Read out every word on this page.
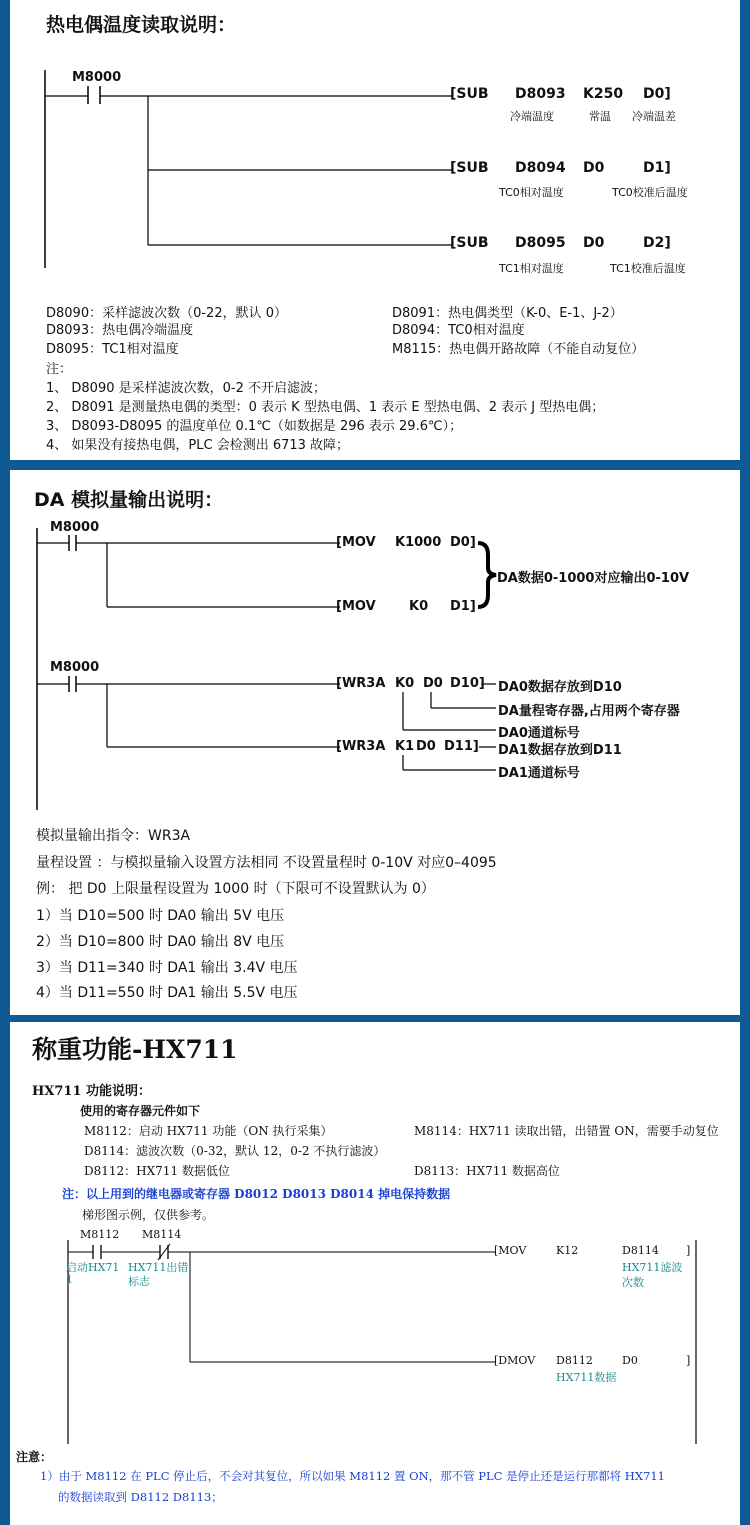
热电偶温度读取说明：
M8000
[SUB D8093 K250 D0]
冷端温度	常温 冷端温差
[SUB D8094 D0	D1]
TC0相对温度	TC0校准后温度
[SUB D8095 D0	D2]
TC1相对温度	TC1校准后温度
D8090：采样滤波次数（0-22，默认 0）	D8091：热电偶类型（K-0、E-1、J-2）
D8093：热电偶冷端温度	D8094：TC0相对温度
D8095：TC1相对温度	M8115：热电偶开路故障（不能自动复位）
注：
1、 D8090 是采样滤波次数，0-2 不开启滤波；
2、 D8091 是测量热电偶的类型：0 表示 K 型热电偶、1 表示 E 型热电偶、2 表示 J 型热电偶；
3、 D8093-D8095 的温度单位 0.1℃（如数据是 296 表示 29.6℃）；
4、 如果没有接热电偶，PLC 会检测出 6713 故障；
DA 模拟量输出说明：
M8000
M8000
[MOV K1000 D0]
[MOV	K0 D1]
DA数据0-1000对应输出0-10V
[WR3A K0 D0 D10]
[WR3A K1 D0 D11]
DA0数据存放到D10
DA量程寄存器,占用两个寄存器
DA0通道标号
DA1数据存放到D11
DA1通道标号
模拟量输出指令：WR3A
量程设置 ：与模拟量输入设置方法相同 不设置量程时 0-10V 对应0–4095
例： 把 D0 上限量程设置为 1000 时（下限可不设置默认为 0）
1）当 D10=500 时 DA0 输出 5V 电压
2）当 D10=800 时 DA0 输出 8V 电压
3）当 D11=340 时 DA1 输出 3.4V 电压
4）当 D11=550 时 DA1 输出 5.5V 电压
称重功能-HX711
HX711 功能说明：
使用的寄存器元件如下
M8112：启动 HX711 功能（ON 执行采集）	M8114：HX711 读取出错，出错置 ON，需要手动复位
D8114：滤波次数（0-32，默认 12，0-2 不执行滤波）
D8112：HX711 数据低位	D8113：HX711 数据高位
注：以上用到的继电器或寄存器 D8012 D8013 D8014 掉电保持数据
梯形图示例，仅供参考。
M8112 M8114
启动HX71
1
HX711出错
标志
[MOV	K12	D8114 ]
HX711滤波
次数
[DMOV D8112	D0	]
HX711数据
注意：
1）由于 M8112 在 PLC 停止后，不会对其复位，所以如果 M8112 置 ON，那不管 PLC 是停止还是运行那都将 HX711
的数据读取到 D8112 D8113；
